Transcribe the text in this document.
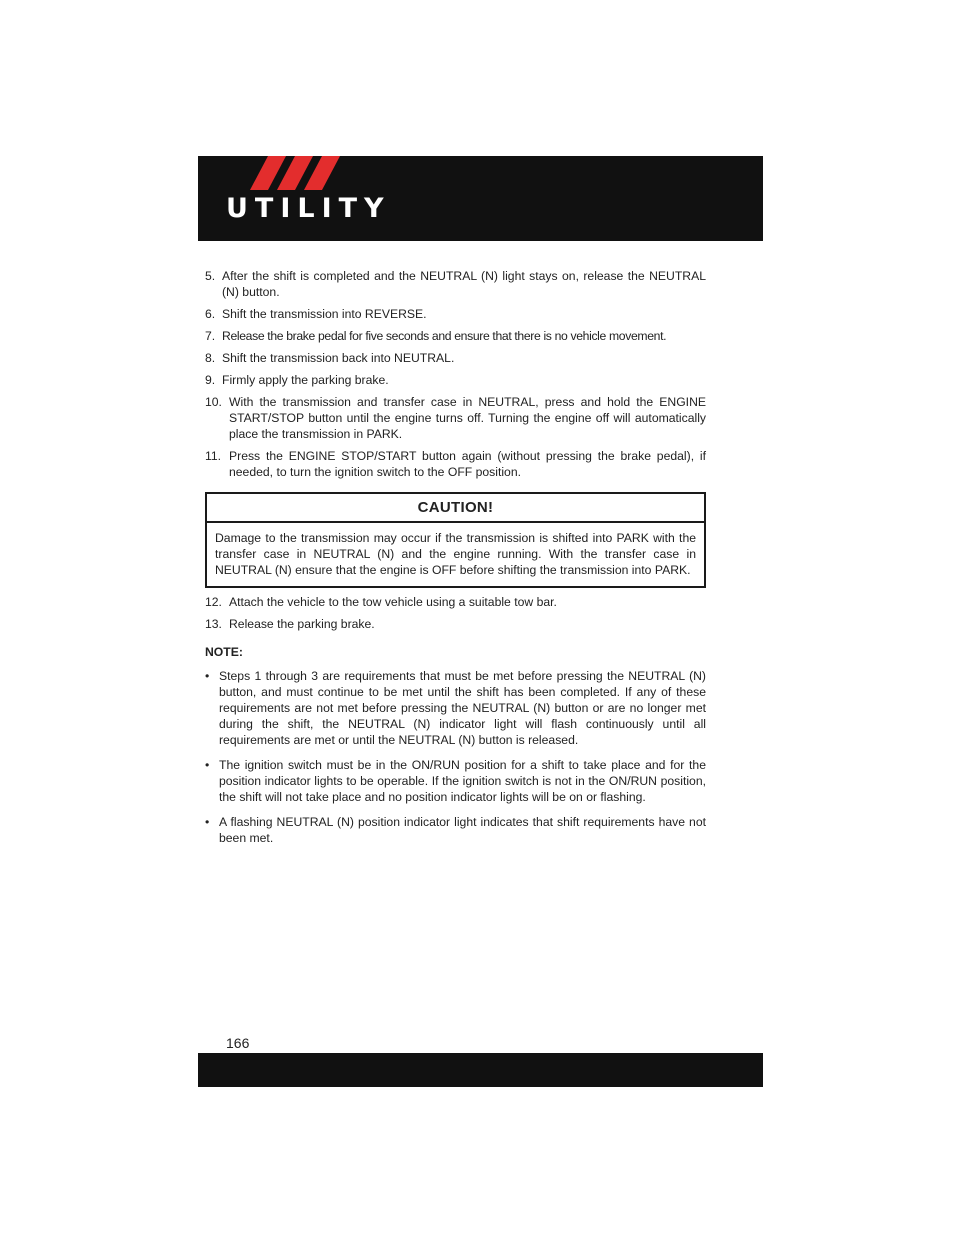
UTILITY
5. After the shift is completed and the NEUTRAL (N) light stays on, release the NEUTRAL (N) button.
6. Shift the transmission into REVERSE.
7. Release the brake pedal for five seconds and ensure that there is no vehicle movement.
8. Shift the transmission back into NEUTRAL.
9. Firmly apply the parking brake.
10. With the transmission and transfer case in NEUTRAL, press and hold the ENGINE START/STOP button until the engine turns off. Turning the engine off will automatically place the transmission in PARK.
11. Press the ENGINE STOP/START button again (without pressing the brake pedal), if needed, to turn the ignition switch to the OFF position.
CAUTION!
Damage to the transmission may occur if the transmission is shifted into PARK with the transfer case in NEUTRAL (N) and the engine running. With the transfer case in NEUTRAL (N) ensure that the engine is OFF before shifting the transmission into PARK.
12. Attach the vehicle to the tow vehicle using a suitable tow bar.
13. Release the parking brake.
NOTE:
• Steps 1 through 3 are requirements that must be met before pressing the NEUTRAL (N) button, and must continue to be met until the shift has been completed. If any of these requirements are not met before pressing the NEUTRAL (N) button or are no longer met during the shift, the NEUTRAL (N) indicator light will flash continuously until all requirements are met or until the NEUTRAL (N) button is released.
• The ignition switch must be in the ON/RUN position for a shift to take place and for the position indicator lights to be operable. If the ignition switch is not in the ON/RUN position, the shift will not take place and no position indicator lights will be on or flashing.
• A flashing NEUTRAL (N) position indicator light indicates that shift requirements have not been met.
166
